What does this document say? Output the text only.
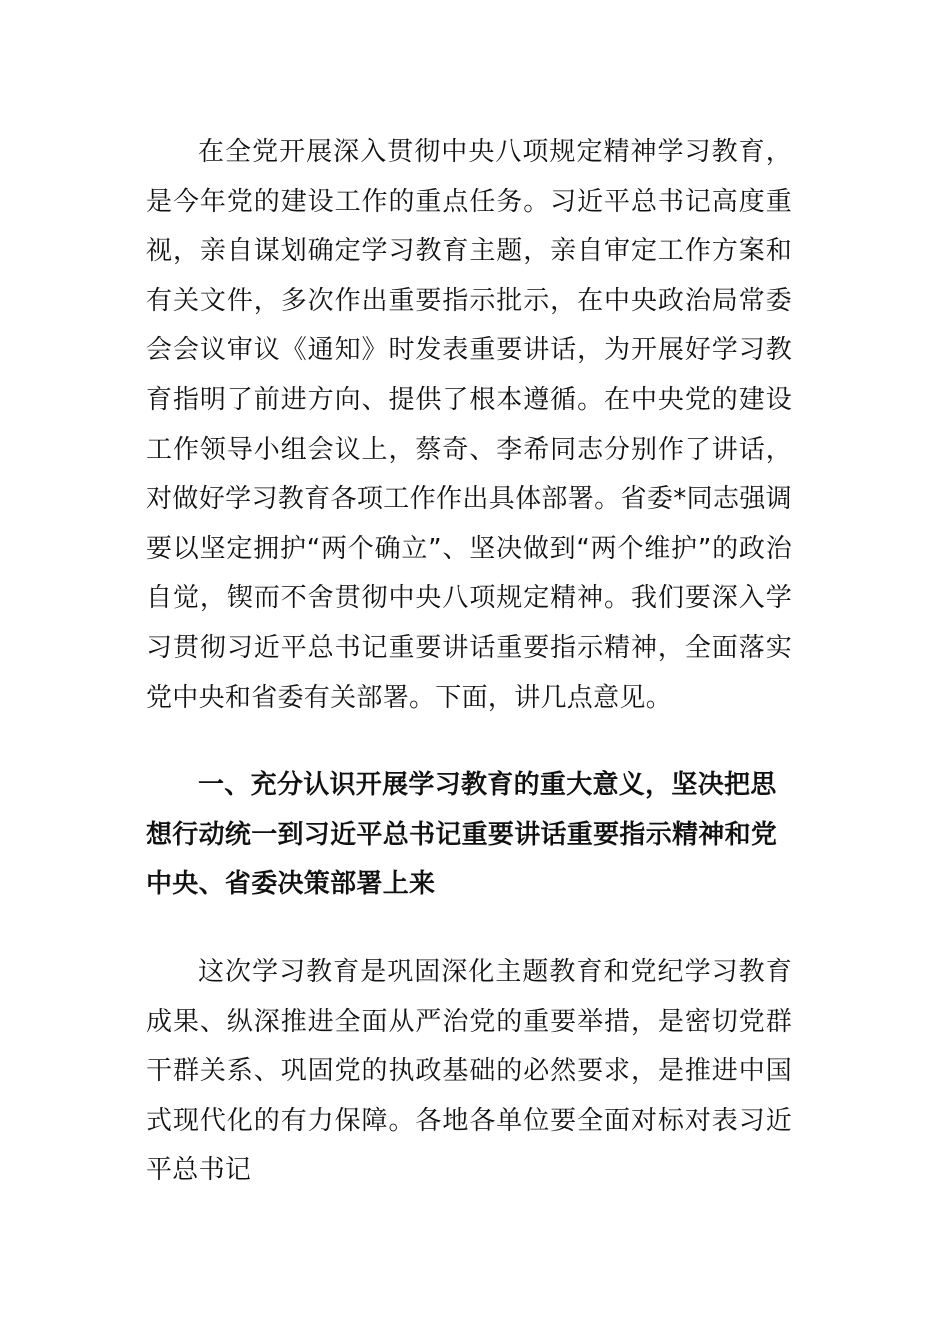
在全党开展深入贯彻中央八项规定精神学习教育，是今年党的建设工作的重点任务。习近平总书记高度重视，亲自谋划确定学习教育主题，亲自审定工作方案和有关文件，多次作出重要指示批示，在中央政治局常委会会议审议《通知》时发表重要讲话，为开展好学习教育指明了前进方向、提供了根本遵循。在中央党的建设工作领导小组会议上，蔡奇、李希同志分别作了讲话，对做好学习教育各项工作作出具体部署。省委*同志强调要以坚定拥护“两个确立”、坚决做到“两个维护”的政治自觉，锲而不舍贯彻中央八项规定精神。我们要深入学习贯彻习近平总书记重要讲话重要指示精神，全面落实党中央和省委有关部署。下面，讲几点意见。

一、充分认识开展学习教育的重大意义，坚决把思想行动统一到习近平总书记重要讲话重要指示精神和党中央、省委决策部署上来

这次学习教育是巩固深化主题教育和党纪学习教育成果、纵深推进全面从严治党的重要举措，是密切党群干群关系、巩固党的执政基础的必然要求，是推进中国式现代化的有力保障。各地各单位要全面对标对表习近平总书记
